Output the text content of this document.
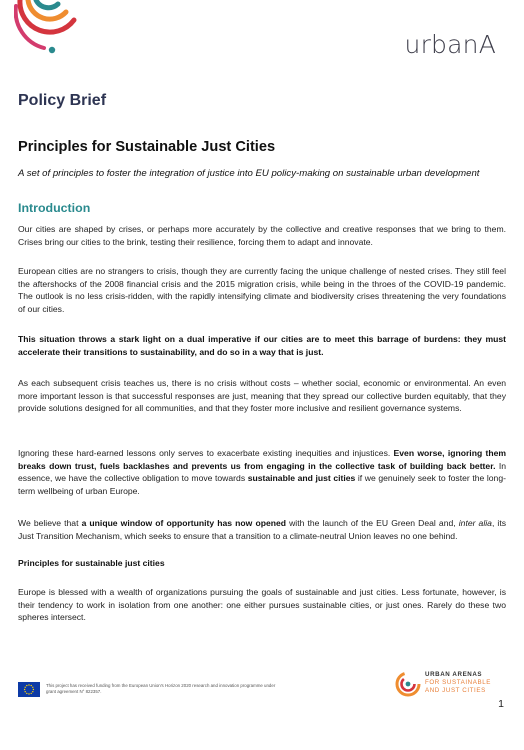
urbanA
Policy Brief
Principles for Sustainable Just Cities
A set of principles to foster the integration of justice into EU policy-making on sustainable urban development
Introduction

Our cities are shaped by crises, or perhaps more accurately by the collective and creative responses that we bring to them. Crises bring our cities to the brink, testing their resilience, forcing them to adapt and innovate.

European cities are no strangers to crisis, though they are currently facing the unique challenge of nested crises. They still feel the aftershocks of the 2008 financial crisis and the 2015 migration crisis, while being in the throes of the COVID-19 pandemic. The outlook is no less crisis-ridden, with the rapidly intensifying climate and biodiversity crises threatening the very foundations of our cities.

This situation throws a stark light on a dual imperative if our cities are to meet this barrage of burdens: they must accelerate their transitions to sustainability, and do so in a way that is just.

As each subsequent crisis teaches us, there is no crisis without costs – whether social, economic or environmental. An even more important lesson is that successful responses are just, meaning that they spread our collective burden equitably, that they provide solutions designed for all communities, and that they foster more inclusive and resilient governance systems.

Ignoring these hard-earned lessons only serves to exacerbate existing inequities and injustices. Even worse, ignoring them breaks down trust, fuels backlashes and prevents us from engaging in the collective task of building back better. In essence, we have the collective obligation to move towards sustainable and just cities if we genuinely seek to foster the long-term wellbeing of urban Europe.

We believe that a unique window of opportunity has now opened with the launch of the EU Green Deal and, inter alia, its Just Transition Mechanism, which seeks to ensure that a transition to a climate-neutral Union leaves no one behind.

Principles for sustainable just cities

Europe is blessed with a wealth of organizations pursuing the goals of sustainable and just cities. Less fortunate, however, is their tendency to work in isolation from one another: one either pursues sustainable cities, or just ones. Rarely do these two spheres intersect.

This project has received funding from the European Union's Horizon 2020 research and innovation programme under grant agreement N° 822357.
URBAN ARENAS
FOR SUSTAINABLE
AND JUST CITIES
1
